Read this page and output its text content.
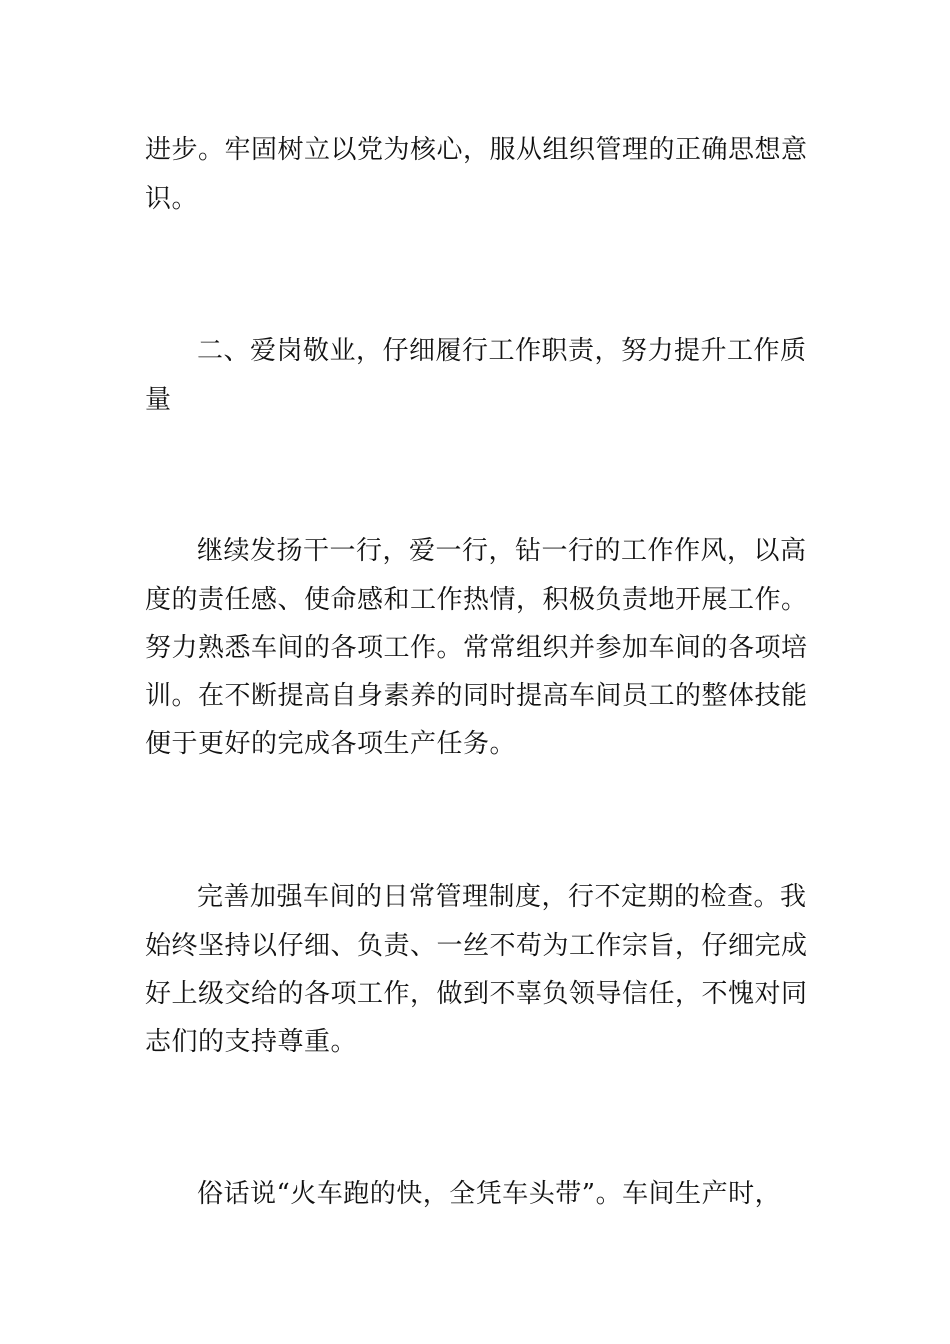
进步。牢固树立以党为核心，服从组织管理的正确思想意
识。
二、爱岗敬业，仔细履行工作职责，努力提升工作质
量
继续发扬干一行，爱一行，钻一行的工作作风，以高
度的责任感、使命感和工作热情，积极负责地开展工作。
努力熟悉车间的各项工作。常常组织并参加车间的各项培
训。在不断提高自身素养的同时提高车间员工的整体技能
便于更好的完成各项生产任务。
完善加强车间的日常管理制度，行不定期的检查。我
始终坚持以仔细、负责、一丝不苟为工作宗旨，仔细完成
好上级交给的各项工作，做到不辜负领导信任，不愧对同
志们的支持尊重。
俗话说“火车跑的快，全凭车头带”。车间生产时，
